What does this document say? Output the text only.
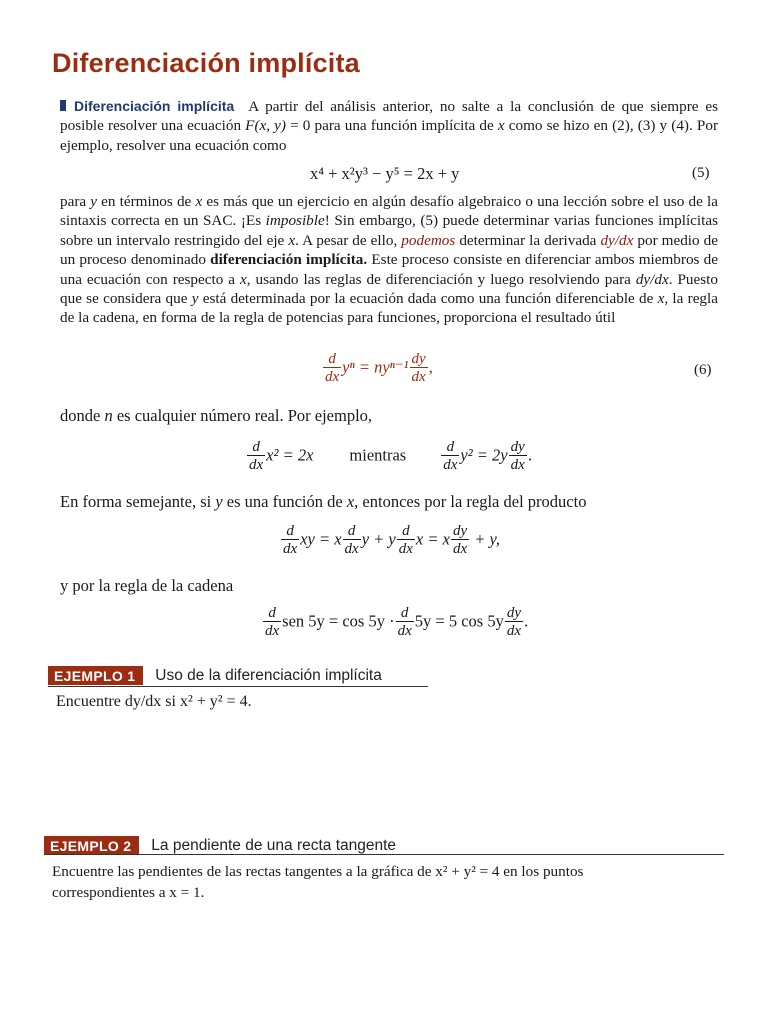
Diferenciación implícita

Diferenciación implícita A partir del análisis anterior, no salte a la conclusión de que siempre es posible resolver una ecuación F(x, y) = 0 para una función implícita de x como se hizo en (2), (3) y (4). Por ejemplo, resolver una ecuación como

x⁴ + x²y³ − y⁵ = 2x + y	(5)

para y en términos de x es más que un ejercicio en algún desafío algebraico o una lección sobre el uso de la sintaxis correcta en un SAC. ¡Es imposible! Sin embargo, (5) puede determinar varias funciones implícitas sobre un intervalo restringido del eje x. A pesar de ello, podemos determinar la derivada dy/dx por medio de un proceso denominado diferenciación implícita. Este proceso consiste en diferenciar ambos miembros de una ecuación con respecto a x, usando las reglas de diferenciación y luego resolviendo para dy/dx. Puesto que se considera que y está determinada por la ecuación dada como una función diferenciable de x, la regla de la cadena, en forma de la regla de potencias para funciones, proporciona el resultado útil

$\frac{d}{dx}$ $y^n = ny^{n-1} \frac{dy}{dx}$ ,	(6)

donde n es cualquier número real. Por ejemplo,

$\frac{d}{dx} x^2 = 2x$ mientras $\frac{d}{dx} y^2 = 2y \frac{dy}{dx}$ .

En forma semejante, si y es una función de x, entonces por la regla del producto

$\frac{d}{dx}$ xy = x $\frac{d}{dx}$ y + y $\frac{d}{dx}$ x = x $\frac{dy}{dx} + y$,

y por la regla de la cadena

$\frac{d}{dx}$ sen $5y = \cos 5y \cdot \frac{d}{dx} 5y = 5$ $\cos 5y \frac{dy}{dx}$ .
EJEMPLO 1	Uso de la diferenciación implícita

Encuentre dy/dx si x² + y² = 4.

EJEMPLO 2	La pendiente de una recta tangente

Encuentre las pendientes de las rectas tangentes a la gráfica de x² + y² = 4 en los puntos

correspondientes a x = 1.
